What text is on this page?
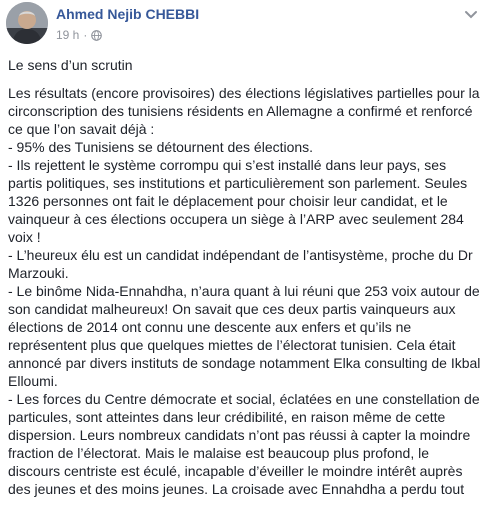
Ahmed Nejib CHEBBI
19 h ·

Le sens d’un scrutin

Les résultats (encore provisoires) des élections législatives partielles pour la circonscription des tunisiens résidents en Allemagne a confirmé et renforcé ce que l’on savait déjà :
- 95% des Tunisiens se détournent des élections.
- Ils rejettent le système corrompu qui s’est installé dans leur pays, ses partis politiques, ses institutions et particulièrement son parlement. Seules 1326 personnes ont fait le déplacement pour choisir leur candidat, et le vainqueur à ces élections occupera un siège à l’ARP avec seulement 284 voix !
- L’heureux élu est un candidat indépendant de l’antisystème, proche du Dr Marzouki.
- Le binôme Nida-Ennahdha, n’aura quant à lui réuni que 253 voix autour de son candidat malheureux! On savait que ces deux partis vainqueurs aux élections de 2014 ont connu une descente aux enfers et qu’ils ne représentent plus que quelques miettes de l’électorat tunisien. Cela était annoncé par divers instituts de sondage notamment Elka consulting de Ikbal Elloumi.
- Les forces du Centre démocrate et social, éclatées en une constellation de particules, sont atteintes dans leur crédibilité, en raison même de cette dispersion. Leurs nombreux candidats n’ont pas réussi à capter la moindre fraction de l’électorat. Mais le malaise est beaucoup plus profond, le discours centriste est éculé, incapable d’éveiller le moindre intérêt auprès des jeunes et des moins jeunes. La croisade avec Ennahdha a perdu tout
